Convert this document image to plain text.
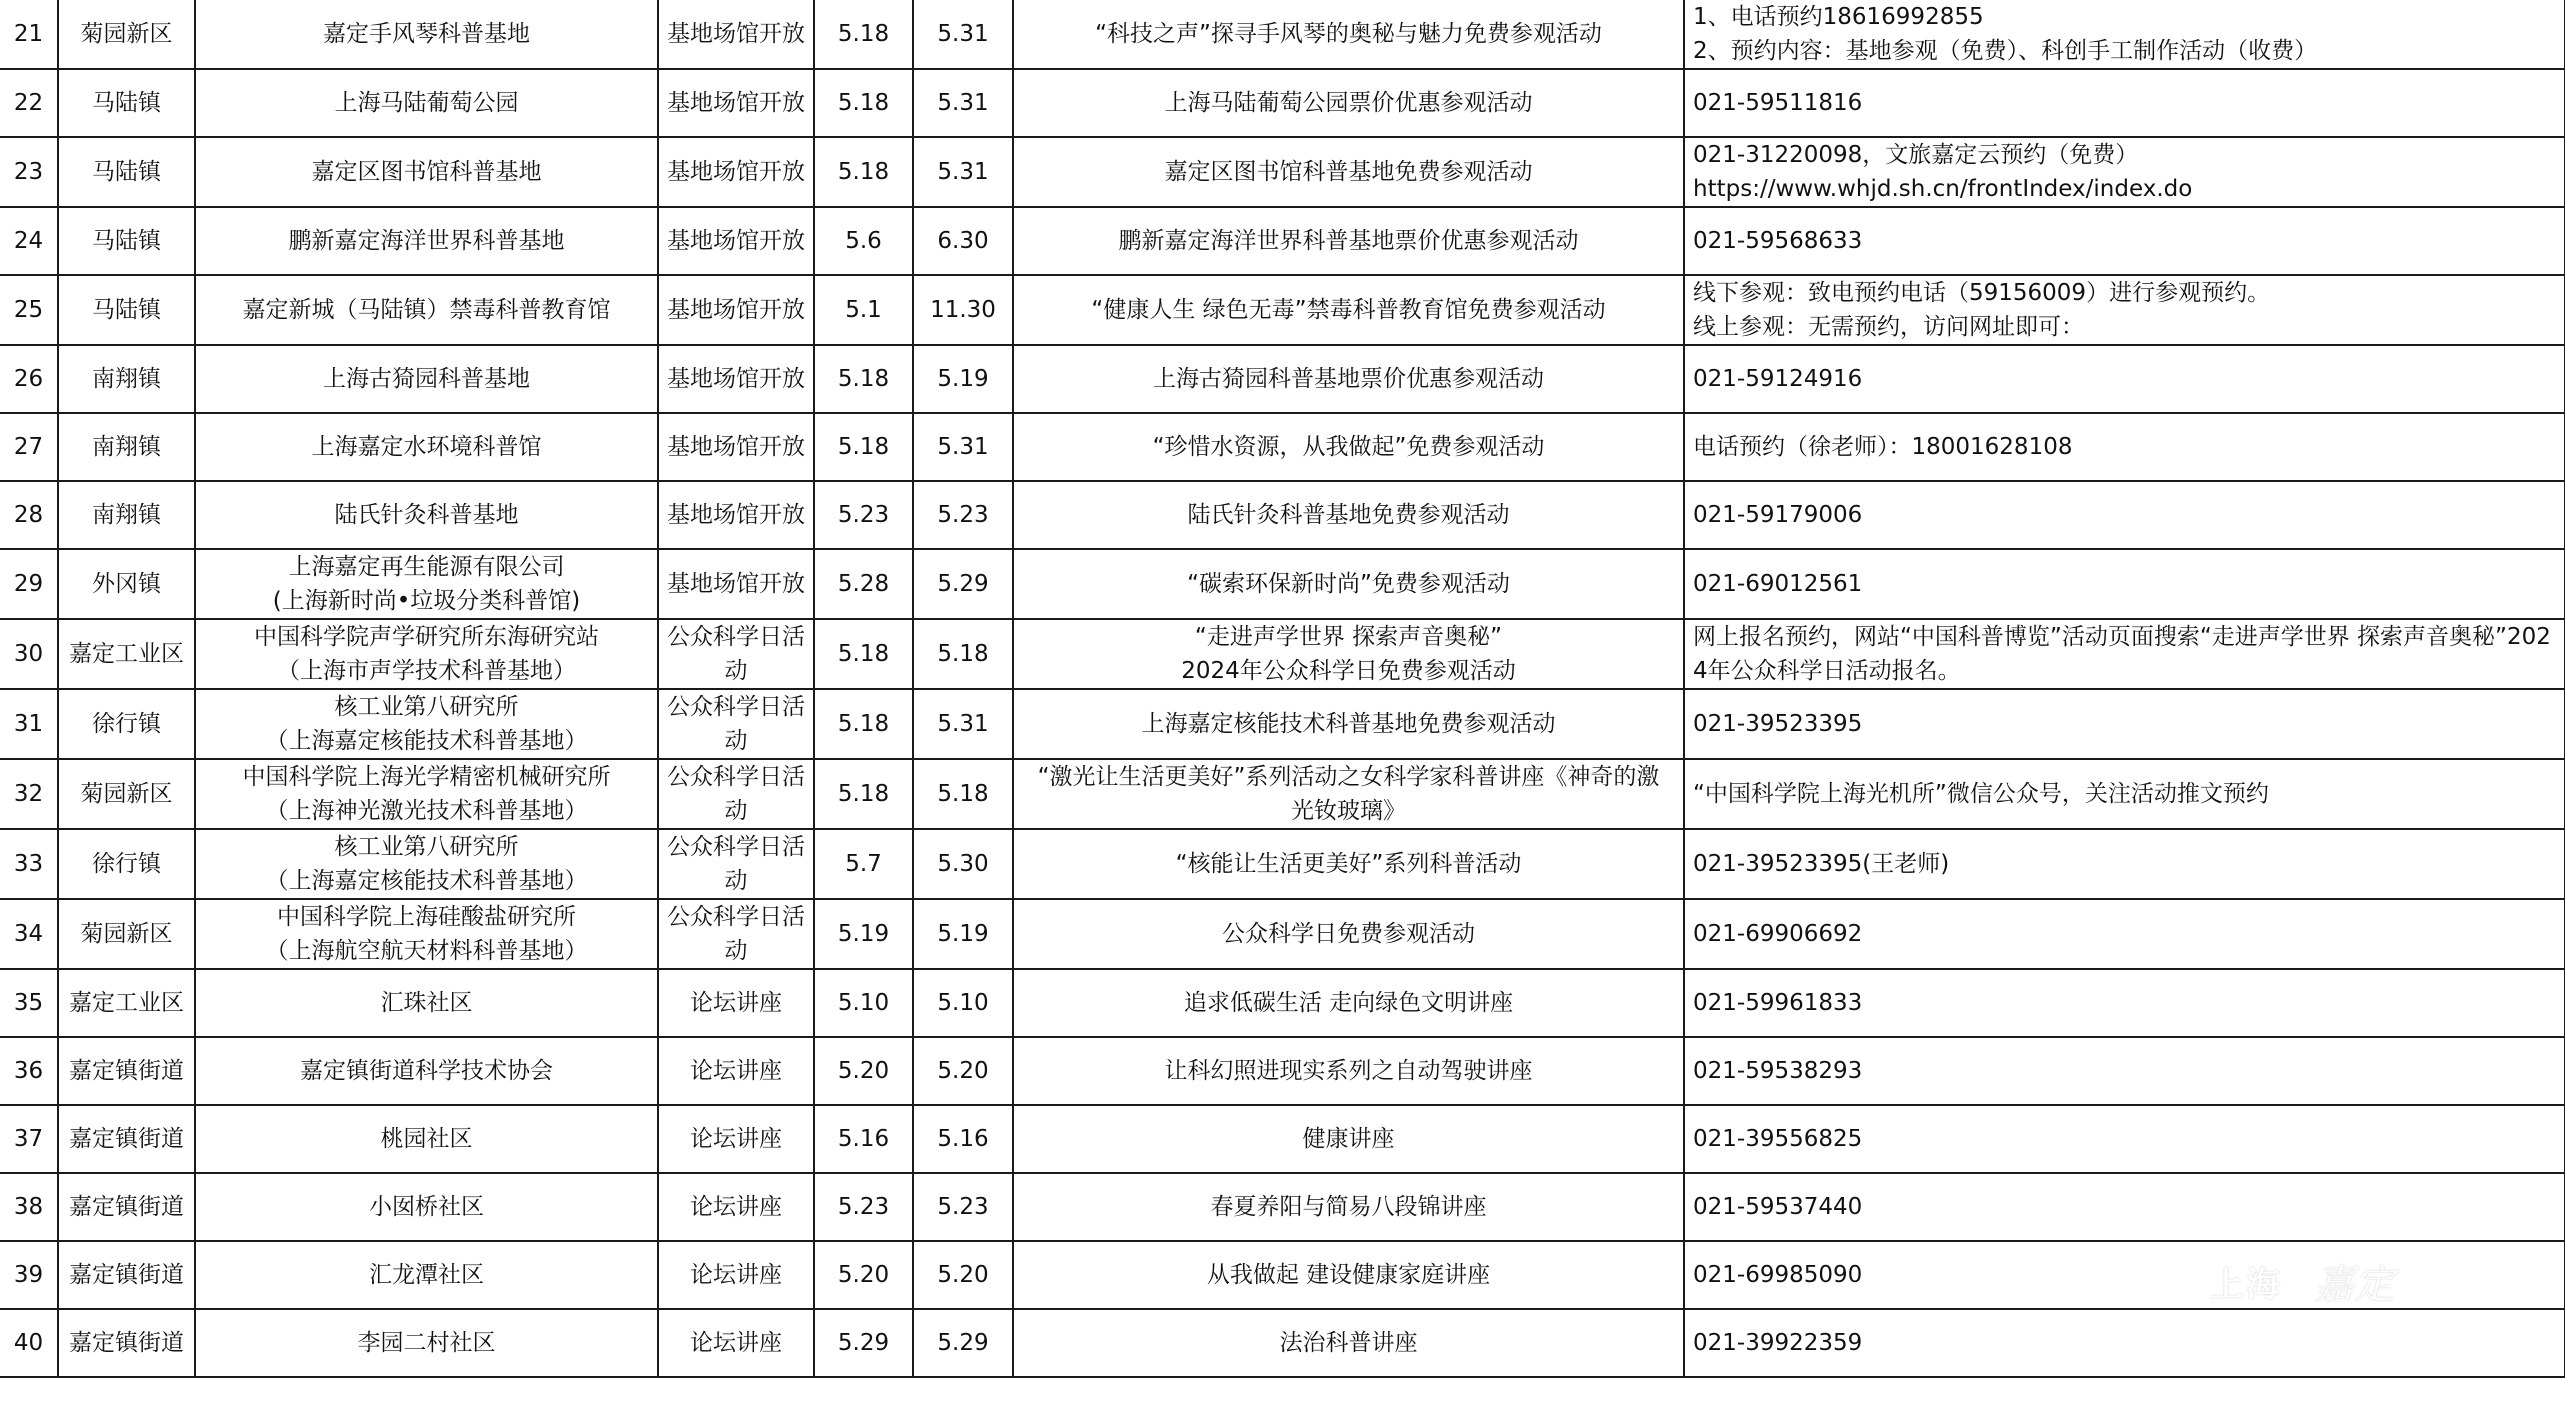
21	菊园新区	嘉定手风琴科普基地	基地场馆开放	5.18	5.31	“科技之声”探寻手风琴的奥秘与魅力免费参观活动	1、电话预约18616992855
2、预约内容：基地参观（免费）、科创手工制作活动（收费）

22	马陆镇	上海马陆葡萄公园	基地场馆开放	5.18	5.31	上海马陆葡萄公园票价优惠参观活动	021-59511816

23	马陆镇	嘉定区图书馆科普基地	基地场馆开放	5.18	5.31	嘉定区图书馆科普基地免费参观活动	021-31220098，文旅嘉定云预约（免费）
https://www.whjd.sh.cn/frontIndex/index.do

24	马陆镇	鹏新嘉定海洋世界科普基地	基地场馆开放	5.6	6.30	鹏新嘉定海洋世界科普基地票价优惠参观活动	021-59568633

25	马陆镇	嘉定新城（马陆镇）禁毒科普教育馆	基地场馆开放	5.1	11.30	“健康人生 绿色无毒”禁毒科普教育馆免费参观活动	线下参观：致电预约电话（59156009）进行参观预约。
线上参观：无需预约，访问网址即可：

26	南翔镇	上海古猗园科普基地	基地场馆开放	5.18	5.19	上海古猗园科普基地票价优惠参观活动	021-59124916

27	南翔镇	上海嘉定水环境科普馆	基地场馆开放	5.18	5.31	“珍惜水资源，从我做起”免费参观活动	电话预约（徐老师）：18001628108

28	南翔镇	陆氏针灸科普基地	基地场馆开放	5.23	5.23	陆氏针灸科普基地免费参观活动	021-59179006

29	外冈镇	上海嘉定再生能源有限公司
(上海新时尚•垃圾分类科普馆)	基地场馆开放	5.28	5.29	“碳索环保新时尚”免费参观活动	021-69012561

30	嘉定工业区	中国科学院声学研究所东海研究站
（上海市声学技术科普基地）	公众科学日活
动	5.18	5.18	“走进声学世界 探索声音奥秘”
2024年公众科学日免费参观活动	网上报名预约，网站“中国科普博览”活动页面搜索“走进声学世界 探索声音奥秘”2024年公众科学日活动报名。

31	徐行镇	核工业第八研究所
（上海嘉定核能技术科普基地）	公众科学日活
动	5.18	5.31	上海嘉定核能技术科普基地免费参观活动	021-39523395

32	菊园新区	中国科学院上海光学精密机械研究所
（上海神光激光技术科普基地）	公众科学日活
动	5.18	5.18	“激光让生活更美好”系列活动之女科学家科普讲座《神奇的激
光钕玻璃》	“中国科学院上海光机所”微信公众号，关注活动推文预约

33	徐行镇	核工业第八研究所
（上海嘉定核能技术科普基地）	公众科学日活
动	5.7	5.30	“核能让生活更美好”系列科普活动	021-39523395(王老师)

34	菊园新区	中国科学院上海硅酸盐研究所
（上海航空航天材料科普基地）	公众科学日活
动	5.19	5.19	公众科学日免费参观活动	021-69906692

35	嘉定工业区	汇珠社区	论坛讲座	5.10	5.10	追求低碳生活 走向绿色文明讲座	021-59961833

36	嘉定镇街道	嘉定镇街道科学技术协会	论坛讲座	5.20	5.20	让科幻照进现实系列之自动驾驶讲座	021-59538293

37	嘉定镇街道	桃园社区	论坛讲座	5.16	5.16	健康讲座	021-39556825

38	嘉定镇街道	小囡桥社区	论坛讲座	5.23	5.23	春夏养阳与简易八段锦讲座	021-59537440

39	嘉定镇街道	汇龙潭社区	论坛讲座	5.20	5.20	从我做起 建设健康家庭讲座	021-69985090

40	嘉定镇街道	李园二村社区	论坛讲座	5.29	5.29	法治科普讲座	021-39922359
上海 嘉定
